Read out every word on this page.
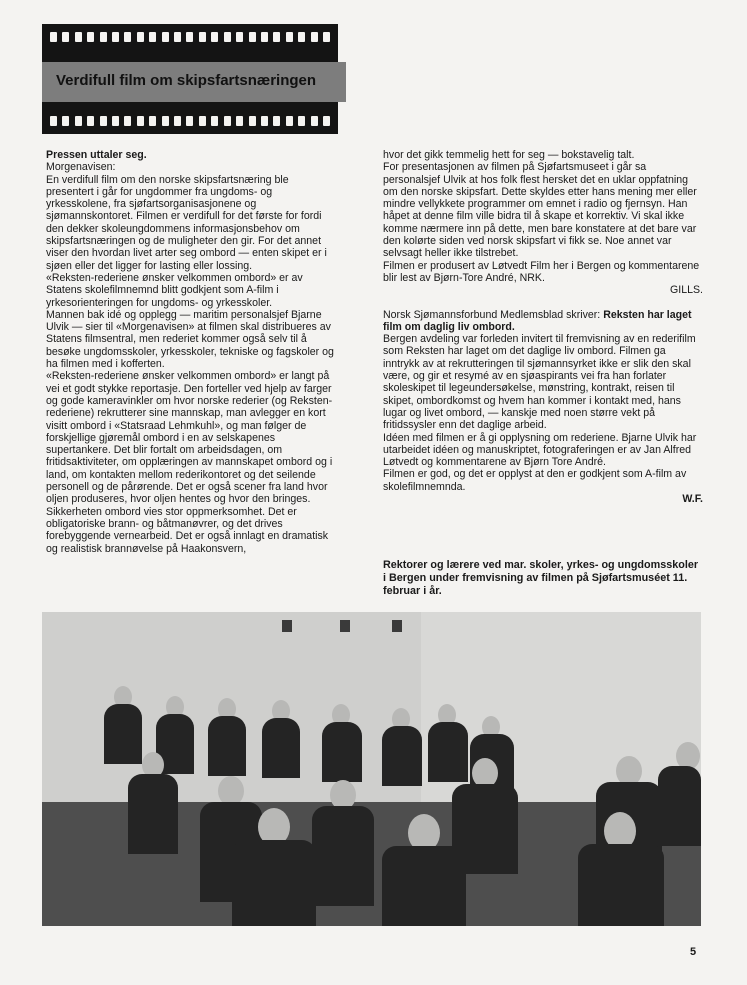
Verdifull film om skipsfartsnæringen

Pressen uttaler seg.

Morgenavisen:

En verdifull film om den norske skipsfartsnæring ble presentert i går for ungdommer fra ungdoms- og yrkesskolene, fra sjøfartsorganisasjonene og sjømannskontoret. Filmen er verdifull for det første for fordi den dekker skoleungdommens informasjonsbehov om skipsfartsnæringen og de muligheter den gir. For det annet viser den hvordan livet arter seg ombord — enten skipet er i sjøen eller det ligger for lasting eller lossing.

«Reksten-rederiene ønsker velkommen ombord» er av Statens skolefilmnemnd blitt godkjent som A-film i yrkesorienteringen for ungdoms- og yrkesskoler.

Mannen bak idé og opplegg — maritim personalsjef Bjarne Ulvik — sier til «Morgenavisen» at filmen skal distribueres av Statens filmsentral, men rederiet kommer også selv til å besøke ungdomsskoler, yrkesskoler, tekniske og fagskoler og ha filmen med i kofferten.

«Reksten-rederiene ønsker velkommen ombord» er langt på vei et godt stykke reportasje. Den forteller ved hjelp av farger og gode kameravinkler om hvor norske rederier (og Reksten-rederiene) rekrutterer sine mannskap, man avlegger en kort visitt ombord i «Statsraad Lehmkuhl», og man følger de forskjellige gjøremål ombord i en av selskapenes supertankere. Det blir fortalt om arbeidsdagen, om fritidsaktiviteter, om opplæringen av mannskapet ombord og i land, om kontakten mellom rederikontoret og det seilende personell og de pårørende. Det er også scener fra land hvor oljen produseres, hvor oljen hentes og hvor den bringes.

Sikkerheten ombord vies stor oppmerksomhet. Det er obligatoriske brann- og båtmanøvrer, og det drives forebyggende vernearbeid. Det er også innlagt en dramatisk og realistisk brannøvelse på Haakonsvern,

hvor det gikk temmelig hett for seg — bokstavelig talt.

For presentasjonen av filmen på Sjøfartsmuseet i går sa personalsjef Ulvik at hos folk flest hersket det en uklar oppfatning om den norske skipsfart. Dette skyldes etter hans mening mer eller mindre vellykkete programmer om emnet i radio og fjernsyn. Han håpet at denne film ville bidra til å skape et korrektiv. Vi skal ikke komme nærmere inn på dette, men bare konstatere at det bare var den kolørte siden ved norsk skipsfart vi fikk se. Noe annet var selvsagt heller ikke tilstrebet.

Filmen er produsert av Løtvedt Film her i Bergen og kommentarene blir lest av Bjørn-Tore André, NRK.

GILLS.

Norsk Sjømannsforbund Medlemsblad skriver: Reksten har laget film om daglig liv ombord.

Bergen avdeling var forleden invitert til fremvisning av en rederifilm som Reksten har laget om det daglige liv ombord. Filmen ga inntrykk av at rekrutteringen til sjømannsyrket ikke er slik den skal være, og gir et resymé av en sjøaspirants vei fra han forlater skoleskipet til legeundersøkelse, mønstring, kontrakt, reisen til skipet, ombordkomst og hvem han kommer i kontakt med, hans lugar og livet ombord, — kanskje med noen større vekt på fritidssysler enn det daglige arbeid.

Idéen med filmen er å gi opplysning om rederiene. Bjarne Ulvik har utarbeidet idéen og manuskriptet, fotograferingen er av Jan Alfred Løtvedt og kommentarene av Bjørn Tore André.

Filmen er god, og det er opplyst at den er godkjent som A-film av skolefilmnemnda.

W.F.

Rektorer og lærere ved mar. skoler, yrkes- og ungdomsskoler i Bergen under fremvisning av filmen på Sjøfartsmuséet 11. februar i år.
5
